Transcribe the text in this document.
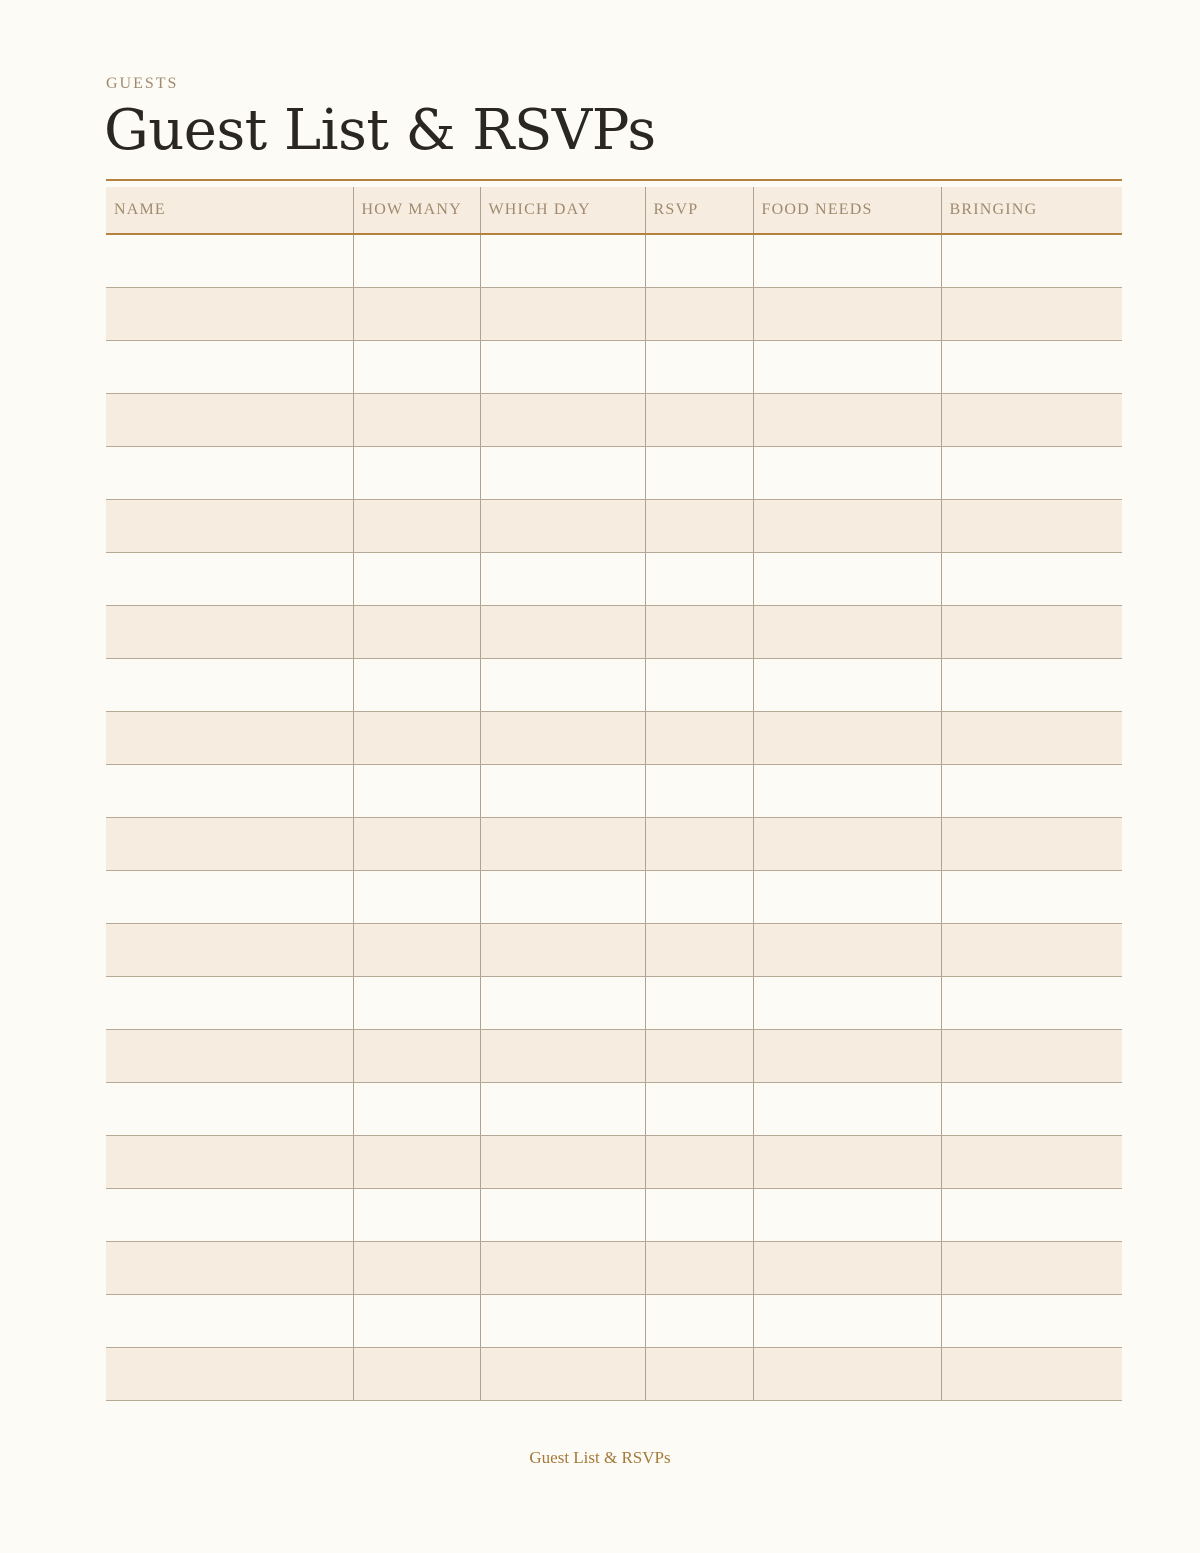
GUESTS
Guest List & RSVPs
NAME	HOW MANY	WHICH DAY	RSVP	FOOD NEEDS	BRINGING

Guest List & RSVPs
